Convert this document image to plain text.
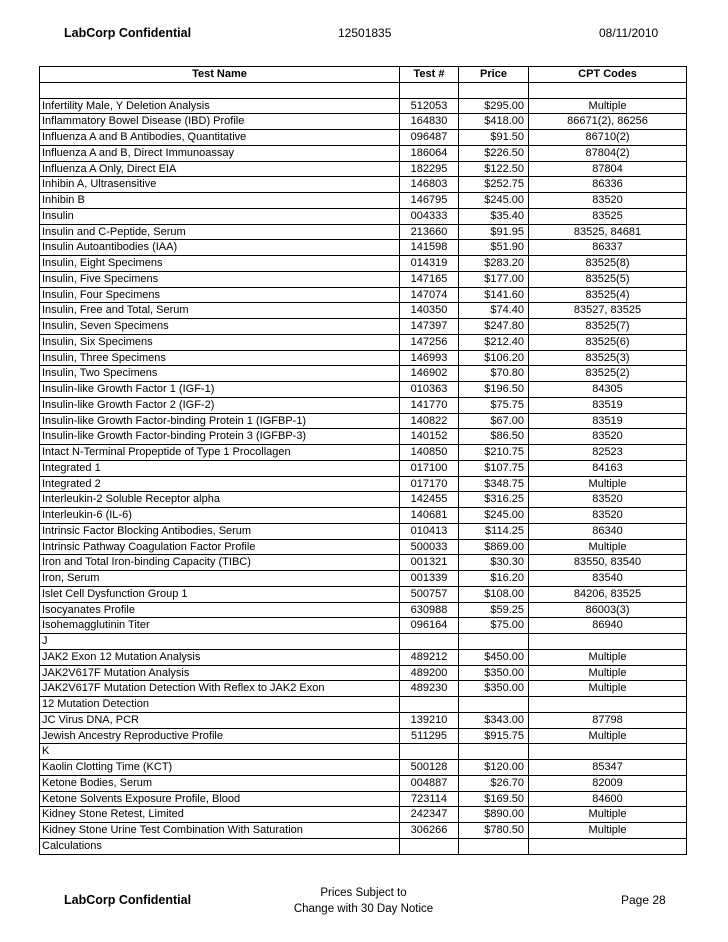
LabCorp Confidential	12501835	08/11/2010
Test Name	Test #	Price	CPT Codes

Infertility Male, Y Deletion Analysis	512053	$295.00	Multiple
Inflammatory Bowel Disease (IBD) Profile	164830	$418.00	86671(2), 86256
Influenza A and B Antibodies, Quantitative	096487	$91.50	86710(2)
Influenza A and B, Direct Immunoassay	186064	$226.50	87804(2)
Influenza A Only, Direct EIA	182295	$122.50	87804
Inhibin A, Ultrasensitive	146803	$252.75	86336
Inhibin B	146795	$245.00	83520
Insulin	004333	$35.40	83525
Insulin and C-Peptide, Serum	213660	$91.95	83525, 84681
Insulin Autoantibodies (IAA)	141598	$51.90	86337
Insulin, Eight Specimens	014319	$283.20	83525(8)
Insulin, Five Specimens	147165	$177.00	83525(5)
Insulin, Four Specimens	147074	$141.60	83525(4)
Insulin, Free and Total, Serum	140350	$74.40	83527, 83525
Insulin, Seven Specimens	147397	$247.80	83525(7)
Insulin, Six Specimens	147256	$212.40	83525(6)
Insulin, Three Specimens	146993	$106.20	83525(3)
Insulin, Two Specimens	146902	$70.80	83525(2)
Insulin-like Growth Factor 1 (IGF-1)	010363	$196.50	84305
Insulin-like Growth Factor 2 (IGF-2)	141770	$75.75	83519
Insulin-like Growth Factor-binding Protein 1 (IGFBP-1)	140822	$67.00	83519
Insulin-like Growth Factor-binding Protein 3 (IGFBP-3)	140152	$86.50	83520
Intact N-Terminal Propeptide of Type 1 Procollagen	140850	$210.75	82523
Integrated 1	017100	$107.75	84163
Integrated 2	017170	$348.75	Multiple
Interleukin-2 Soluble Receptor alpha	142455	$316.25	83520
Interleukin-6 (IL-6)	140681	$245.00	83520
Intrinsic Factor Blocking Antibodies, Serum	010413	$114.25	86340
Intrinsic Pathway Coagulation Factor Profile	500033	$869.00	Multiple
Iron and Total Iron-binding Capacity (TIBC)	001321	$30.30	83550, 83540
Iron, Serum	001339	$16.20	83540
Islet Cell Dysfunction Group 1	500757	$108.00	84206, 83525
Isocyanates Profile	630988	$59.25	86003(3)
Isohemagglutinin Titer	096164	$75.00	86940
J			
JAK2 Exon 12 Mutation Analysis	489212	$450.00	Multiple
JAK2V617F Mutation Analysis	489200	$350.00	Multiple
JAK2V617F Mutation Detection With Reflex to JAK2 Exon	489230	$350.00	Multiple
12 Mutation Detection			
JC Virus DNA, PCR	139210	$343.00	87798
Jewish Ancestry Reproductive Profile	511295	$915.75	Multiple
K			
Kaolin Clotting Time (KCT)	500128	$120.00	85347
Ketone Bodies, Serum	004887	$26.70	82009
Ketone Solvents Exposure Profile, Blood	723114	$169.50	84600
Kidney Stone Retest, Limited	242347	$890.00	Multiple
Kidney Stone Urine Test Combination With Saturation	306266	$780.50	Multiple
Calculations			
LabCorp Confidential	Prices Subject to
Change with 30 Day Notice
Page 28
